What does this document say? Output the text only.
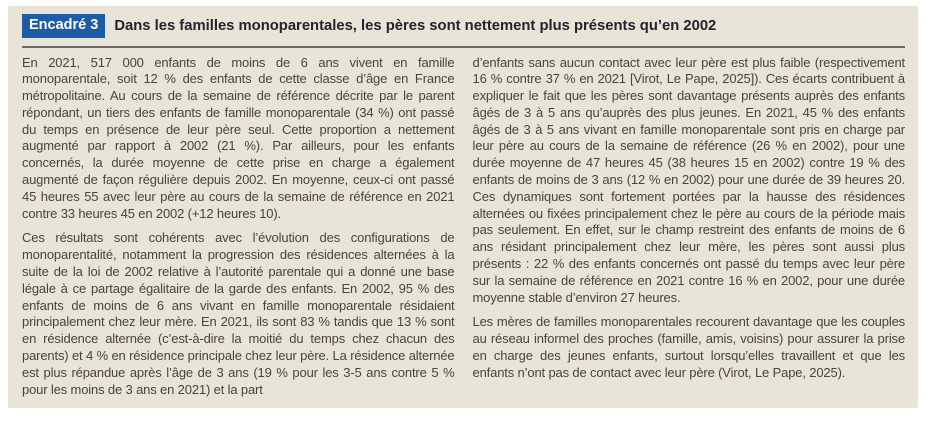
Encadré 3	Dans les familles monoparentales, les pères sont nettement plus présents qu’en 2002

En 2021, 517 000 enfants de moins de 6 ans vivent en famille monoparentale, soit 12 % des enfants de cette classe d’âge en France métropolitaine. Au cours de la semaine de référence décrite par le parent répondant, un tiers des enfants de famille monoparentale (34 %) ont passé du temps en présence de leur père seul. Cette proportion a nettement augmenté par rapport à 2002 (21 %). Par ailleurs, pour les enfants concernés, la durée moyenne de cette prise en charge a également augmenté de façon régulière depuis 2002. En moyenne, ceux-ci ont passé 45 heures 55 avec leur père au cours de la semaine de référence en 2021 contre 33 heures 45 en 2002 (+12 heures 10).

Ces résultats sont cohérents avec l’évolution des configurations de monoparentalité, notamment la progression des résidences alternées à la suite de la loi de 2002 relative à l’autorité parentale qui a donné une base légale à ce partage égalitaire de la garde des enfants. En 2002, 95 % des enfants de moins de 6 ans vivant en famille monoparentale résidaient principalement chez leur mère. En 2021, ils sont 83 % tandis que 13 % sont en résidence alternée (c’est-à-dire la moitié du temps chez chacun des parents) et 4 % en résidence principale chez leur père. La résidence alternée est plus répandue après l’âge de 3 ans (19 % pour les 3-5 ans contre 5 % pour les moins de 3 ans en 2021) et la part

d’enfants sans aucun contact avec leur père est plus faible (respectivement 16 % contre 37 % en 2021 [Virot, Le Pape, 2025]). Ces écarts contribuent à expliquer le fait que les pères sont davantage présents auprès des enfants âgés de 3 à 5 ans qu’auprès des plus jeunes. En 2021, 45 % des enfants âgés de 3 à 5 ans vivant en famille monoparentale sont pris en charge par leur père au cours de la semaine de référence (26 % en 2002), pour une durée moyenne de 47 heures 45 (38 heures 15 en 2002) contre 19 % des enfants de moins de 3 ans (12 % en 2002) pour une durée de 39 heures 20. Ces dynamiques sont fortement portées par la hausse des résidences alternées ou fixées principalement chez le père au cours de la période mais pas seulement. En effet, sur le champ restreint des enfants de moins de 6 ans résidant principalement chez leur mère, les pères sont aussi plus présents : 22 % des enfants concernés ont passé du temps avec leur père sur la semaine de référence en 2021 contre 16 % en 2002, pour une durée moyenne stable d’environ 27 heures.

Les mères de familles monoparentales recourent davantage que les couples au réseau informel des proches (famille, amis, voisins) pour assurer la prise en charge des jeunes enfants, surtout lorsqu’elles travaillent et que les enfants n’ont pas de contact avec leur père (Virot, Le Pape, 2025).
